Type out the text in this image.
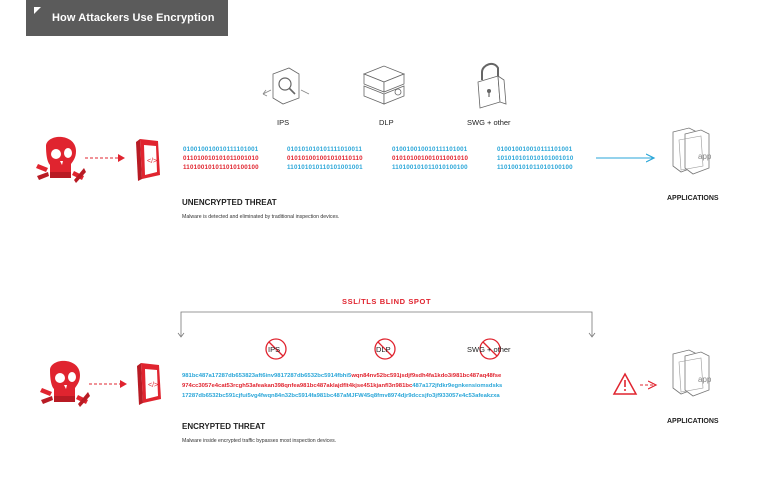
How Attackers Use Encryption
</>
</>
app
app
IPS	DLP	SWG + other
010010010010111101001
011010010101011001010
110100101011010100100
010101010101111010011
010101001001010110110
110101010110101001001
010010010010111101001
010101001001011001010
110100101011010100100
010010010010111101001
101010101010101001010
110100101011010100100
UNENCRYPTED THREAT
Malware is detected and eliminated by traditional inspection devices.
APPLICATIONS
SSL/TLS BLIND SPOT
IPS	DLP	SWG + other
981bc487a17287db653823aft6inv9817287db6532bc5914fbhi5wqn84nv52bc591jsdjf9sdh4fa1kdo3i981bc487aq48fse
974cc3057e4cat53rcgh53afeakan398qnfea981bc487aklajdflt4kjse451kjanfl3n981bc487a172jfdkr9egnkensiomsdsks
17287db6532bc591cjfui5vg4fwqn84n32bc5914fa981bc487aMJFW45q8fmv8974djr9dccsjfo3jf933057e4c53afeakzxa
ENCRYPTED THREAT
Malware inside encrypted traffic bypasses most inspection devices.
APPLICATIONS
